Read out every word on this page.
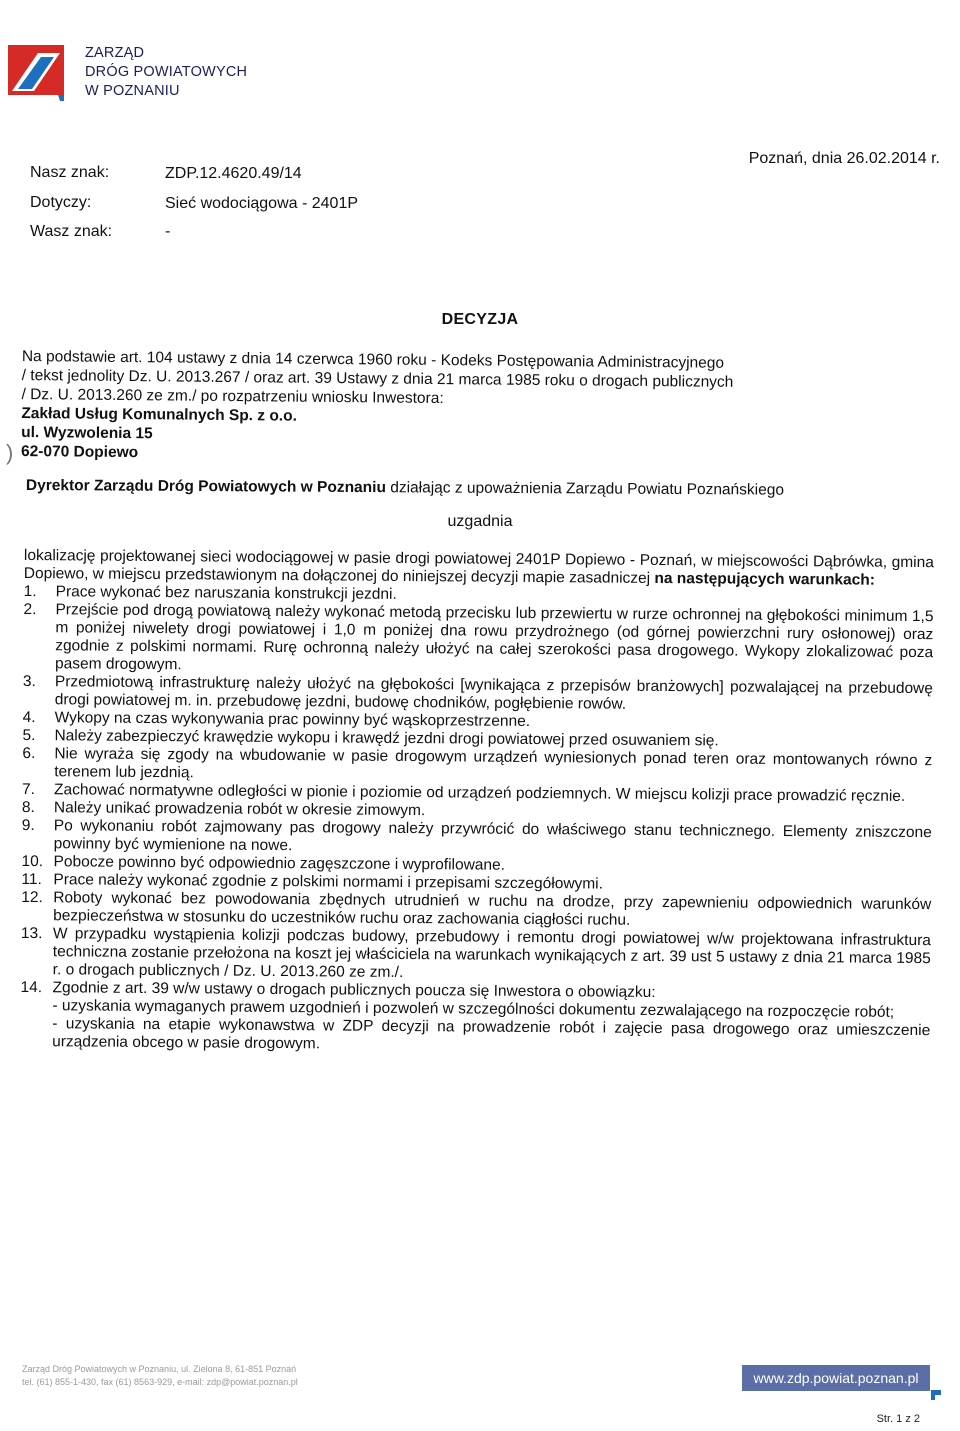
ZARZĄD
DRÓG POWIATOWYCH
W POZNANIU
Nasz znak:	ZDP.12.4620.49/14
Dotyczy:	Sieć wodociągowa - 2401P
Wasz znak:	-
Poznań, dnia 26.02.2014 r.
DECYZJA
Na podstawie art. 104 ustawy z dnia 14 czerwca 1960 roku - Kodeks Postępowania Administracyjnego
/ tekst jednolity Dz. U. 2013.267 / oraz art. 39 Ustawy z dnia 21 marca 1985 roku o drogach publicznych
/ Dz. U. 2013.260 ze zm./ po rozpatrzeniu wniosku Inwestora:
Zakład Usług Komunalnych Sp. z o.o.
ul. Wyzwolenia 15
62-070 Dopiewo
)
Dyrektor Zarządu Dróg Powiatowych w Poznaniu działając z upoważnienia Zarządu Powiatu Poznańskiego
uzgadnia
lokalizację projektowanej sieci wodociągowej w pasie drogi powiatowej 2401P Dopiewo - Poznań, w miejscowości Dąbrówka, gmina Dopiewo, w miejscu przedstawionym na dołączonej do niniejszej decyzji mapie zasadniczej na następujących warunkach:
1. Prace wykonać bez naruszania konstrukcji jezdni.
2. Przejście pod drogą powiatową należy wykonać metodą przecisku lub przewiertu w rurze ochronnej na głębokości minimum 1,5 m poniżej niwelety drogi powiatowej i 1,0 m poniżej dna rowu przydrożnego (od górnej powierzchni rury osłonowej) oraz zgodnie z polskimi normami. Rurę ochronną należy ułożyć na całej szerokości pasa drogowego. Wykopy zlokalizować poza pasem drogowym.
3. Przedmiotową infrastrukturę należy ułożyć na głębokości [wynikająca z przepisów branżowych] pozwalającej na przebudowę drogi powiatowej m. in. przebudowę jezdni, budowę chodników, pogłębienie rowów.
4. Wykopy na czas wykonywania prac powinny być wąskoprzestrzenne.
5. Należy zabezpieczyć krawędzie wykopu i krawędź jezdni drogi powiatowej przed osuwaniem się.
6. Nie wyraża się zgody na wbudowanie w pasie drogowym urządzeń wyniesionych ponad teren oraz montowanych równo z terenem lub jezdnią.
7. Zachować normatywne odległości w pionie i poziomie od urządzeń podziemnych. W miejscu kolizji prace prowadzić ręcznie.
8. Należy unikać prowadzenia robót w okresie zimowym.
9. Po wykonaniu robót zajmowany pas drogowy należy przywrócić do właściwego stanu technicznego. Elementy zniszczone powinny być wymienione na nowe.
10. Pobocze powinno być odpowiednio zagęszczone i wyprofilowane.
11. Prace należy wykonać zgodnie z polskimi normami i przepisami szczegółowymi.
12. Roboty wykonać bez powodowania zbędnych utrudnień w ruchu na drodze, przy zapewnieniu odpowiednich warunków bezpieczeństwa w stosunku do uczestników ruchu oraz zachowania ciągłości ruchu.
13. W przypadku wystąpienia kolizji podczas budowy, przebudowy i remontu drogi powiatowej w/w projektowana infrastruktura techniczna zostanie przełożona na koszt jej właściciela na warunkach wynikających z art. 39 ust 5 ustawy z dnia 21 marca 1985 r. o drogach publicznych / Dz. U. 2013.260 ze zm./.
14. Zgodnie z art. 39 w/w ustawy o drogach publicznych poucza się Inwestora o obowiązku:
- uzyskania wymaganych prawem uzgodnień i pozwoleń w szczególności dokumentu zezwalającego na rozpoczęcie robót;
- uzyskania na etapie wykonawstwa w ZDP decyzji na prowadzenie robót i zajęcie pasa drogowego oraz umieszczenie urządzenia obcego w pasie drogowym.
Zarząd Dróg Powiatowych w Poznaniu, ul. Zielona 8, 61-851 Poznań
tel. (61) 855-1-430, fax (61) 8563-929, e-mail: zdp@powiat.poznan.pl	www.zdp.powiat.poznan.pl
Str. 1 z 2
